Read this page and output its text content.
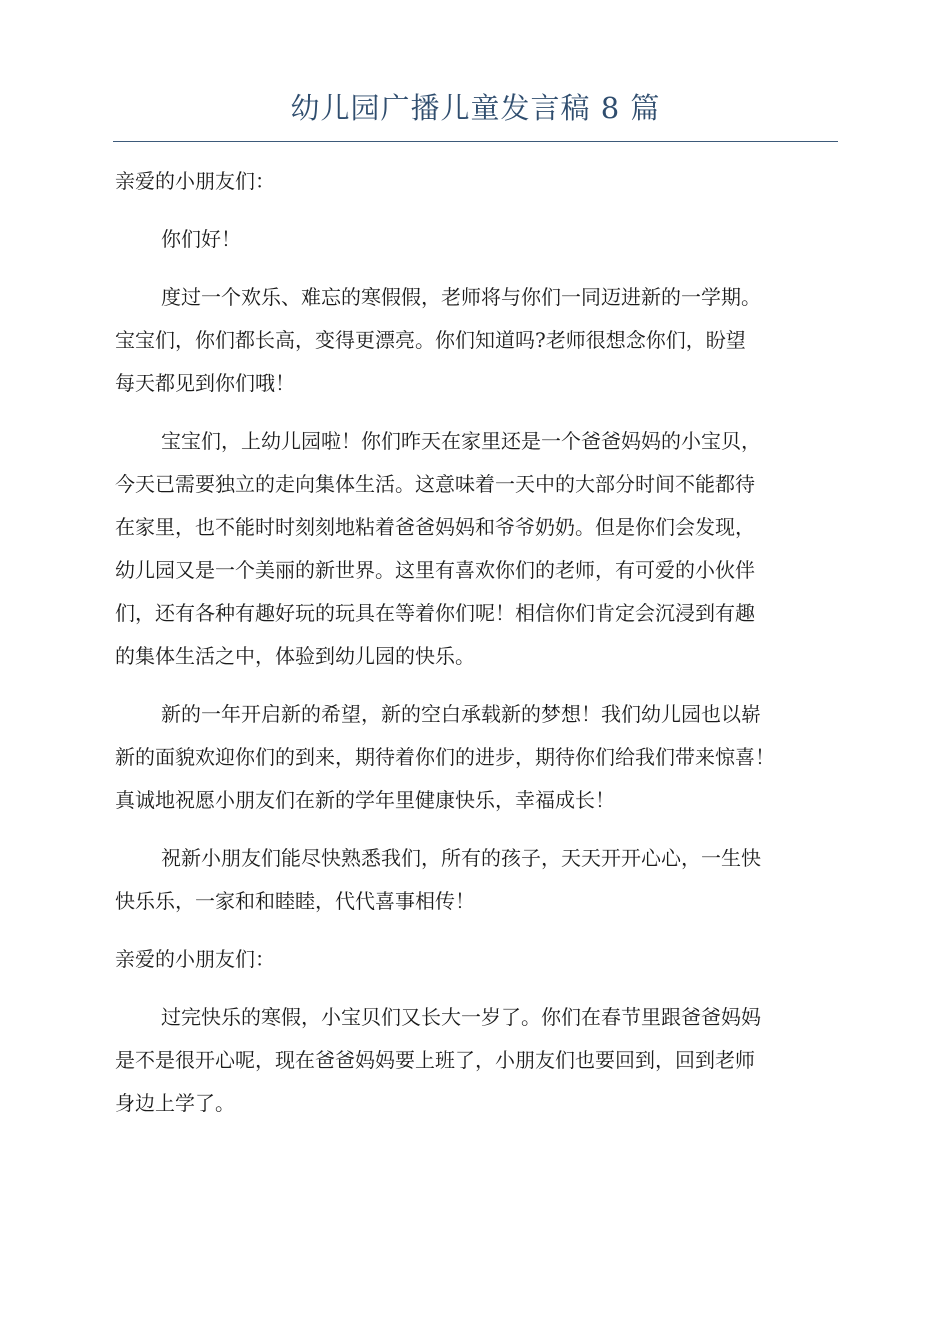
幼儿园广播儿童发言稿 8 篇

亲爱的小朋友们：

你们好！

度过一个欢乐、难忘的寒假假，老师将与你们一同迈进新的一学期。
宝宝们，你们都长高，变得更漂亮。你们知道吗?老师很想念你们，盼望
每天都见到你们哦！

宝宝们，上幼儿园啦！你们昨天在家里还是一个爸爸妈妈的小宝贝，
今天已需要独立的走向集体生活。这意味着一天中的大部分时间不能都待
在家里，也不能时时刻刻地粘着爸爸妈妈和爷爷奶奶。但是你们会发现，
幼儿园又是一个美丽的新世界。这里有喜欢你们的老师，有可爱的小伙伴
们，还有各种有趣好玩的玩具在等着你们呢！相信你们肯定会沉浸到有趣
的集体生活之中，体验到幼儿园的快乐。

新的一年开启新的希望，新的空白承载新的梦想！我们幼儿园也以崭
新的面貌欢迎你们的到来，期待着你们的进步，期待你们给我们带来惊喜！
真诚地祝愿小朋友们在新的学年里健康快乐，幸福成长！

祝新小朋友们能尽快熟悉我们，所有的孩子，天天开开心心，一生快
快乐乐，一家和和睦睦，代代喜事相传！

亲爱的小朋友们：

过完快乐的寒假，小宝贝们又长大一岁了。你们在春节里跟爸爸妈妈
是不是很开心呢，现在爸爸妈妈要上班了，小朋友们也要回到，回到老师
身边上学了。
